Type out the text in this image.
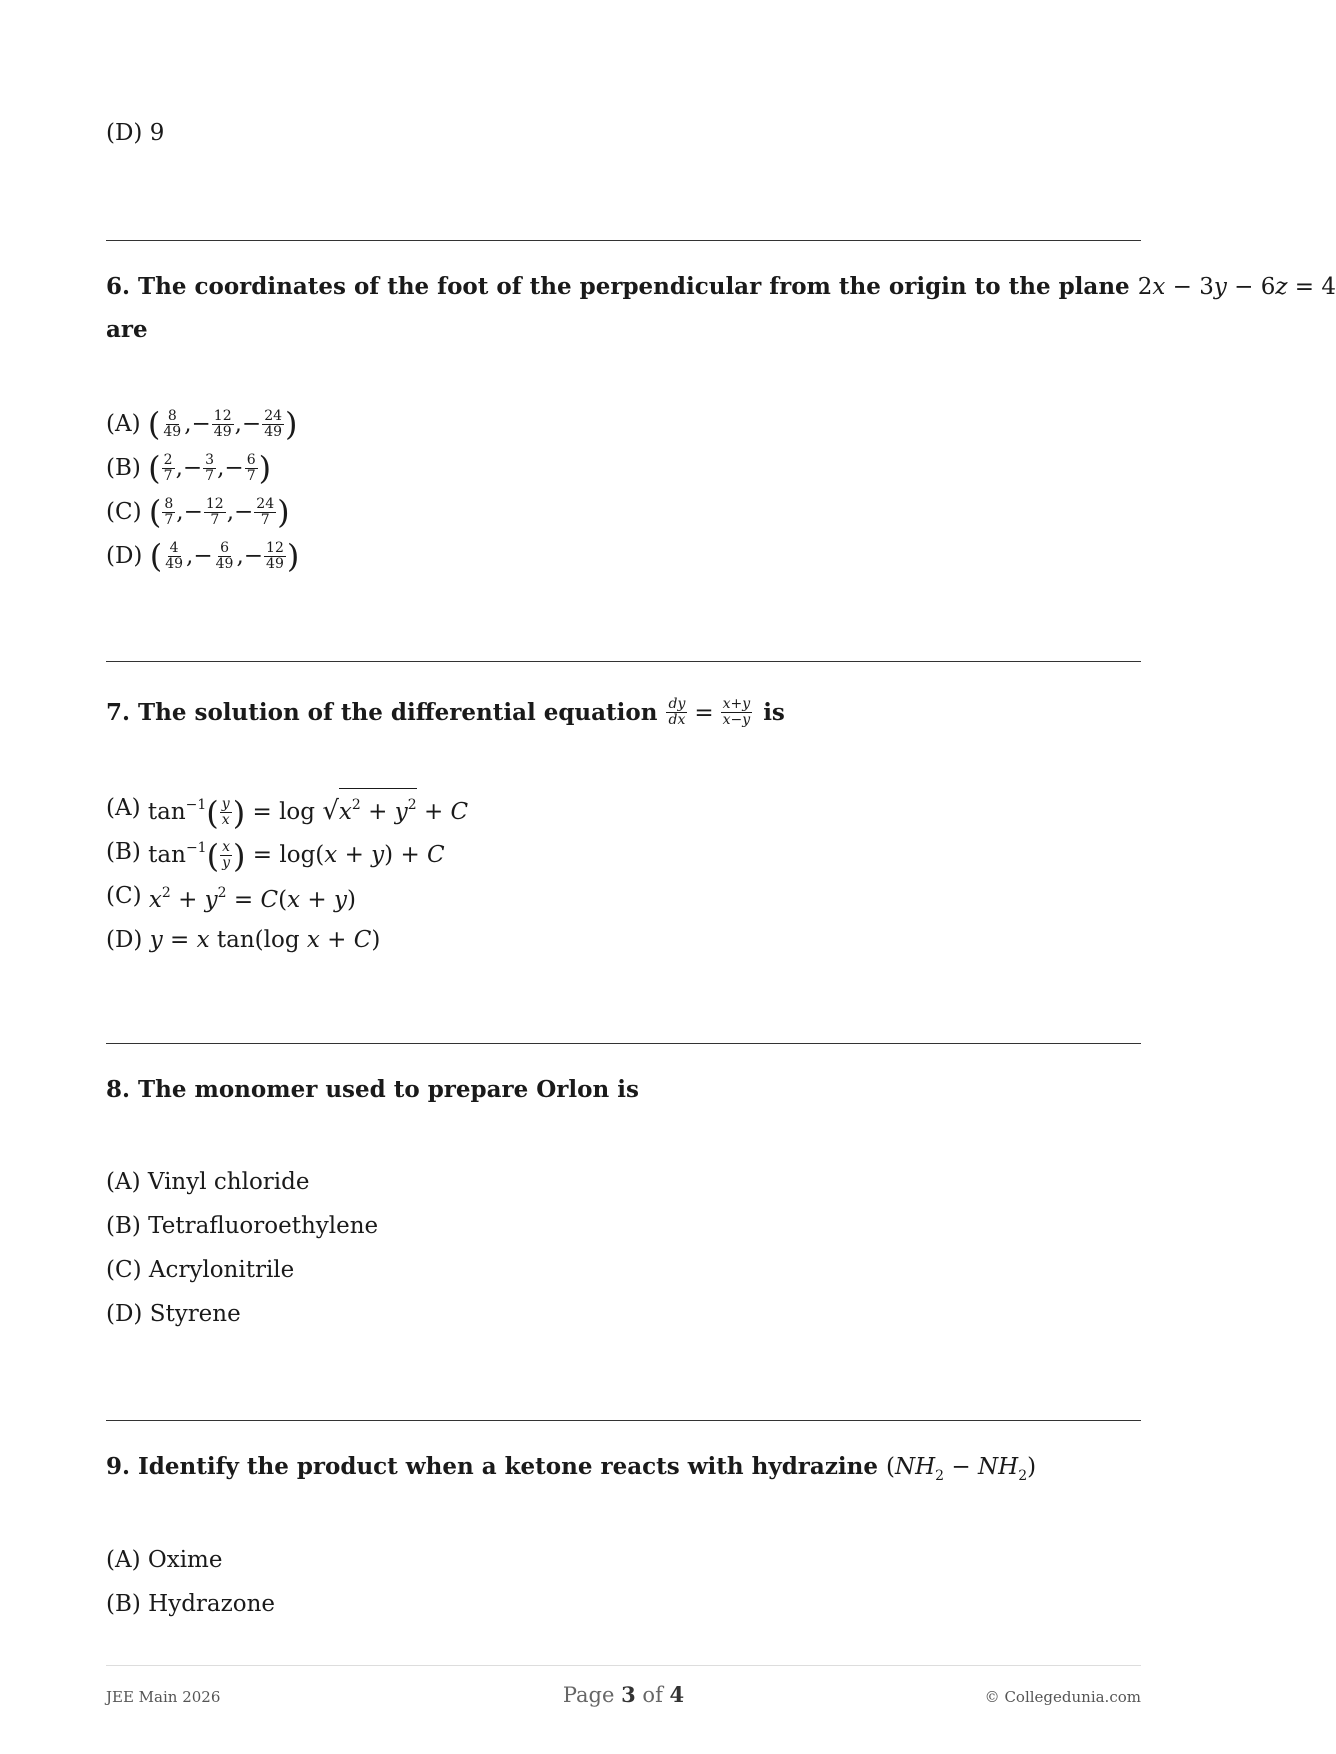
(D) 9
6. The coordinates of the foot of the perpendicular from the origin to the plane 2x − 3y − 6z = 4
are
(A)
( $\frac{8}{49}$ , − $\frac{12}{49}$ , − $\frac{24}{49}$ )
(B)
( $\frac{2}{7}$ , − $\frac{3}{7}$ , − $\frac{6}{7}$ )
(C)
( $\frac{8}{7}$ , − $\frac{12}{7}$ , − $\frac{24}{7}$ )
(D)
( $\frac{4}{49}$ , − $\frac{6}{49}$ , − $\frac{12}{49}$ )
7. The solution of the differential equation $\frac{dy}{dx} = \frac{x+y}{x-y}$ is
(A)
$\tan^{-1}( \frac{y}{x}$ ) = $\log √x^2 + y^2 + C$
(B)
$\tan^{-1}( \frac{x}{y}$ ) = log(x + y) + C
(C)
$x^2 + y^2 = C(x + y)$
(D)
y = x tan(log x + C)
8. The monomer used to prepare Orlon is
(A) Vinyl chloride
(B) Tetrafluoroethylene
(C) Acrylonitrile
(D) Styrene
9. Identify the product when a ketone reacts with hydrazine $(NH_2 - NH_2)$
(A) Oxime
(B) Hydrazone
JEE Main 2026	Page 3 of 4	© Collegedunia.com
